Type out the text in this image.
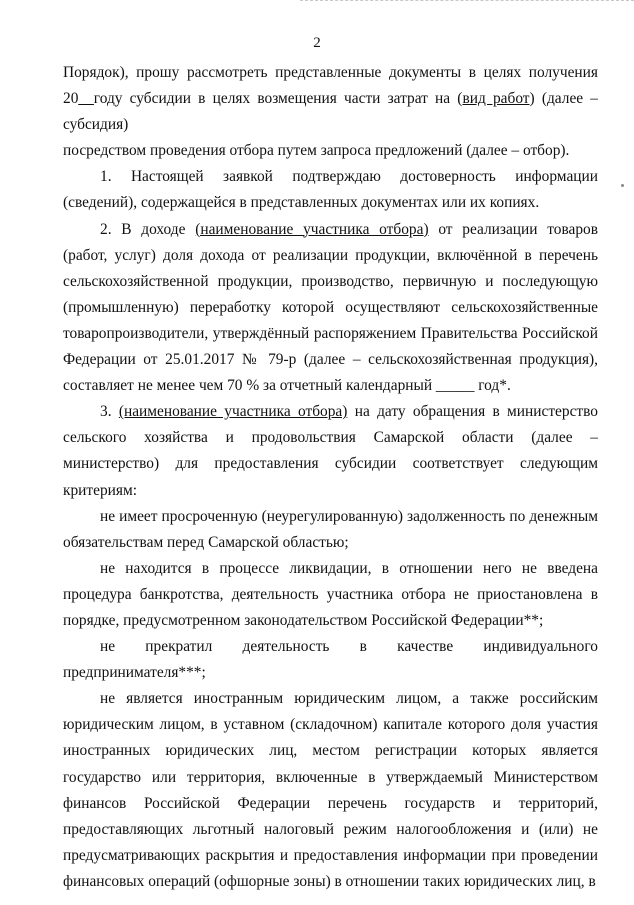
2

Порядок), прошу рассмотреть представленные документы в целях получения

20__году субсидии в целях возмещения части затрат на (вид работ) (далее – субсидия)

посредством проведения отбора путем запроса предложений (далее – отбор).

1. Настоящей заявкой подтверждаю достоверность информации (сведений), содержащейся в представленных документах или их копиях.

2. В доходе (наименование участника отбора) от реализации товаров (работ, услуг) доля дохода от реализации продукции, включённой в перечень сельскохозяйственной продукции, производство, первичную и последующую (промышленную) переработку которой осуществляют сельскохозяйственные товаропроизводители, утверждённый распоряжением Правительства Российской Федерации от 25.01.2017 № 79-р (далее – сельскохозяйственная продукция), составляет не менее чем 70 % за отчетный календарный _____ год*.

3. (наименование участника отбора) на дату обращения в министерство сельского хозяйства и продовольствия Самарской области (далее – министерство) для предоставления субсидии соответствует следующим критериям:

не имеет просроченную (неурегулированную) задолженность по денежным обязательствам перед Самарской областью;

не находится в процессе ликвидации, в отношении него не введена процедура банкротства, деятельность участника отбора не приостановлена в порядке, предусмотренном законодательством Российской Федерации**;

не прекратил деятельность в качестве индивидуального

предпринимателя***;

не является иностранным юридическим лицом, а также российским юридическим лицом, в уставном (складочном) капитале которого доля участия иностранных юридических лиц, местом регистрации которых является государство или территория, включенные в утверждаемый Министерством финансов Российской Федерации перечень государств и территорий, предоставляющих льготный налоговый режим налогообложения и (или) не предусматривающих раскрытия и предоставления информации при проведении финансовых операций (офшорные зоны) в отношении таких юридических лиц, в
